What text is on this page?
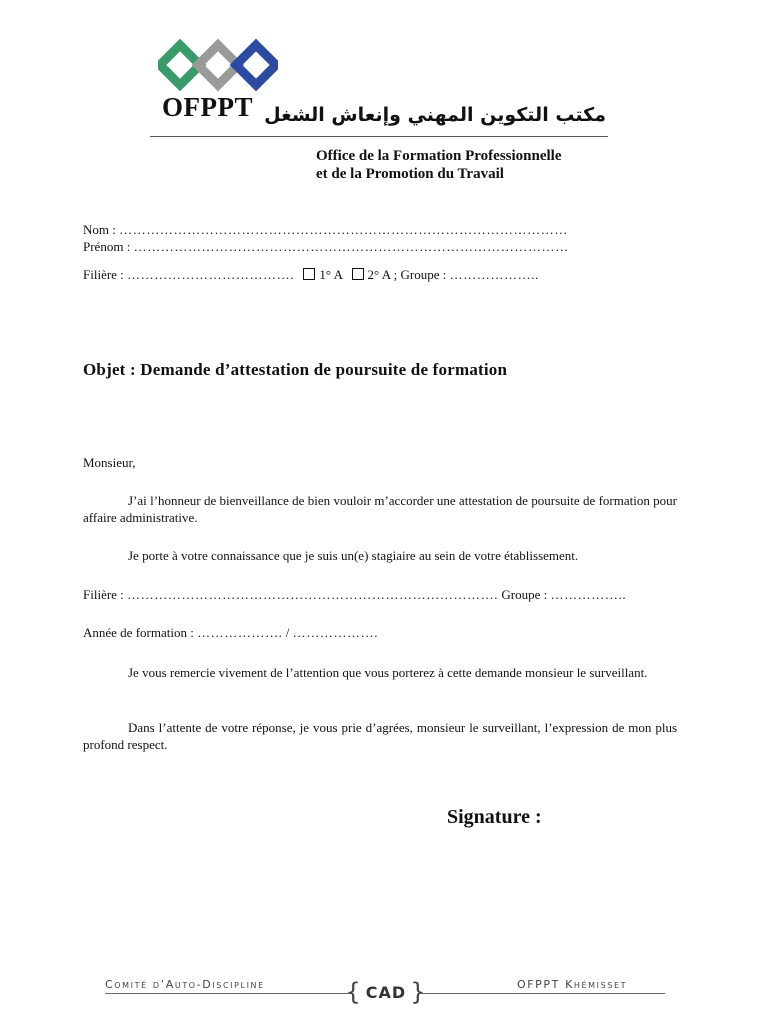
OFPPT مكتب التكوين المهني وإنعاش الشغل
Office de la Formation Professionnelle
et de la Promotion du Travail
Nom : ………………………………………………………………………………………
Prénom : ……………………………………………………………………………………
Filière : ………………………………. 1° A 2° A ; Groupe : ………………..
Objet : Demande d’attestation de poursuite de formation
Monsieur,
J’ai l’honneur de bienveillance de bien vouloir m’accorder une attestation de poursuite de formation pour affaire administrative.
Je porte à votre connaissance que je suis un(e) stagiaire au sein de votre établissement.
Filière : ………………………………………………………………………. Groupe : ……………..
Année de formation : ………………. / ……………….
Je vous remercie vivement de l’attention que vous porterez à cette demande monsieur le surveillant.
Dans l’attente de votre réponse, je vous prie d’agrées, monsieur le surveillant, l’expression de mon plus profond respect.
Signature :
Comité d’Auto-Discipline	{ CAD }	OFPPT Khémisset
